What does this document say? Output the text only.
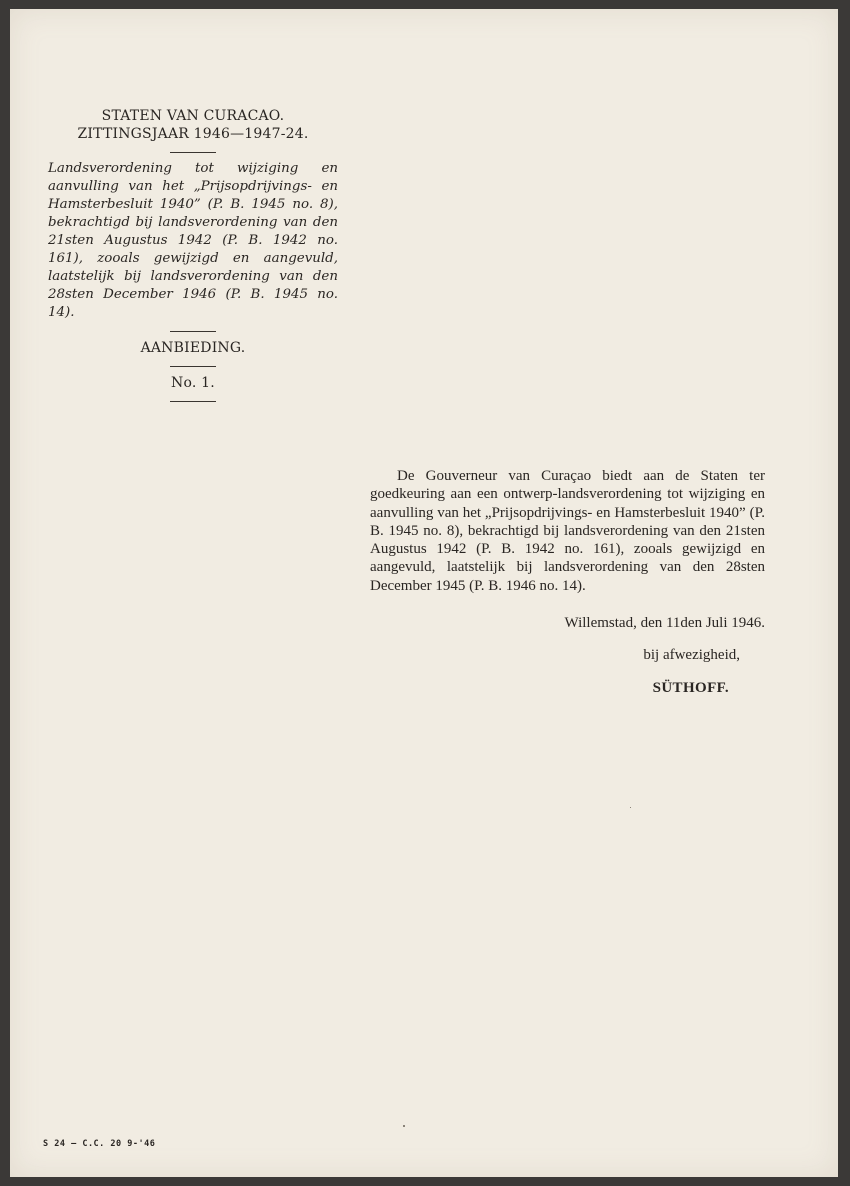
STATEN VAN CURACAO.
ZITTINGSJAAR 1946—1947-24.
Landsverordening tot wijziging en aanvulling van het „Prijsopdrijvings- en Hamsterbesluit 1940” (P. B. 1945 no. 8), bekrachtigd bij landsverordening van den 21sten Augustus 1942 (P. B. 1942 no. 161), zooals gewijzigd en aangevuld, laatstelijk bij landsverordening van den 28sten December 1946 (P. B. 1945 no. 14).
AANBIEDING.
No. 1.
De Gouverneur van Curaçao biedt aan de Staten ter goedkeuring aan een ontwerp-landsverordening tot wijziging en aanvulling van het „Prijsopdrijvings- en Hamsterbesluit 1940” (P. B. 1945 no. 8), bekrachtigd bij landsverordening van den 21sten Augustus 1942 (P. B. 1942 no. 161), zooals gewijzigd en aangevuld, laatstelijk bij landsverordening van den 28sten December 1945 (P. B. 1946 no. 14).
Willemstad, den 11den Juli 1946.
bij afwezigheid,
SÜTHOFF.
S 24 — C.C. 20 9-'46
